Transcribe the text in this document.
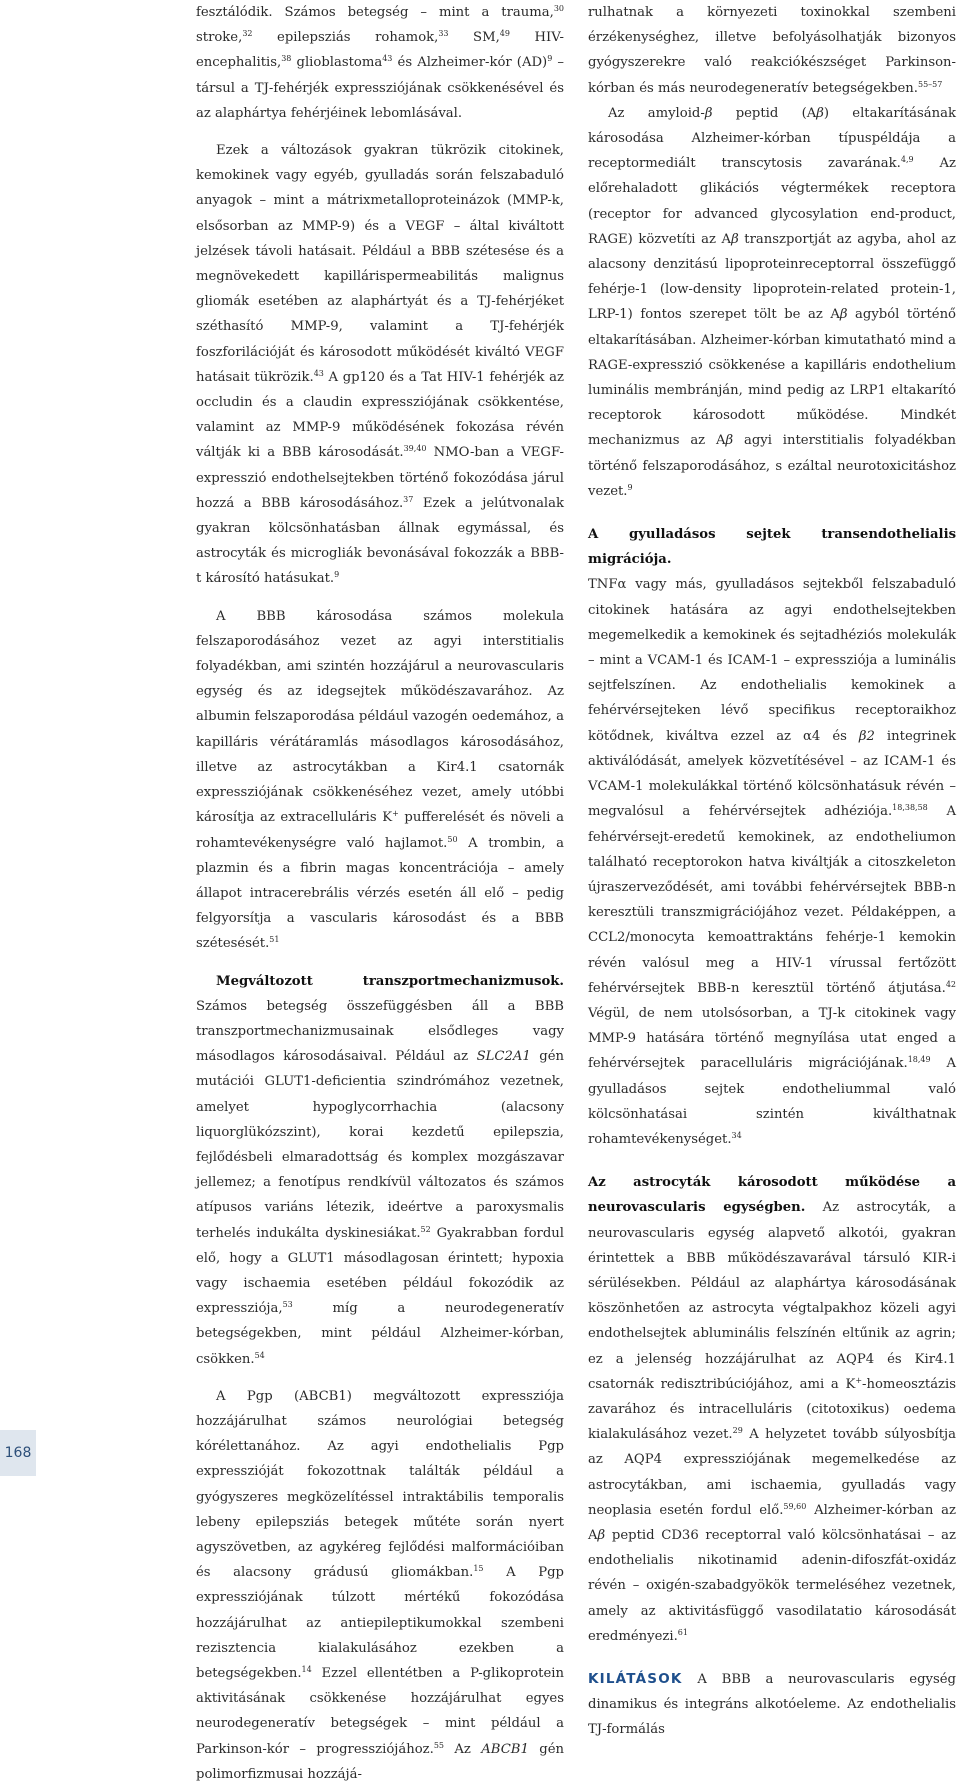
fesztálódik. Számos betegség – mint a trauma,$^{30}$ stroke,$^{32}$ epilepsziás rohamok,$^{33}$ SM,$^{49}$ HIV-encephalitis,$^{38}$ glioblastoma$^{43}$ és Alzheimer-kór (AD)$^9$ – társul a TJ-fehérjék expressziójának csökkenésével és az alaphártya fehérjéinek lebomlásával.

Ezek a változások gyakran tükrözik citokinek, kemokinek vagy egyéb, gyulladás során felszabaduló anyagok – mint a mátrixmetalloproteinázok (MMP-k, elsősorban az MMP-9) és a VEGF – által kiváltott jelzések távoli hatásait. Például a BBB szétesése és a megnövekedett kapillárispermeabilitás malignus gliomák esetében az alaphártyát és a TJ-fehérjéket széthasító MMP-9, valamint a TJ-fehérjék foszforilációját és károsodott működését kiváltó VEGF hatásait tükrözik.$^{43}$ A gp120 és a Tat HIV-1 fehérjék az occludin és a claudin expressziójának csökkentése, valamint az MMP-9 működésének fokozása révén váltják ki a BBB károsodását.$^{39,40}$ NMO-ban a VEGF-expresszió endothelsejtekben történő fokozódása járul hozzá a BBB károsodásához.$^{37}$ Ezek a jelútvonalak gyakran kölcsönhatásban állnak egymással, és astrocyták és microgliák bevonásával fokozzák a BBB-t károsító hatásukat.$^9$

A BBB károsodása számos molekula felszaporodásához vezet az agyi interstitialis folyadékban, ami szintén hozzájárul a neurovascularis egység és az idegsejtek működészavarához. Az albumin felszaporodása például vazogén oedemához, a kapilláris vérátáramlás másodlagos károsodásához, illetve az astrocytákban a Kir4.1 csatornák expressziójának csökkenéséhez vezet, amely utóbbi károsítja az extracelluláris K+ pufferelését és növeli a rohamtevékenységre való hajlamot.$^{50}$ A trombin, a plazmin és a fibrin magas koncentrációja – amely állapot intracerebrális vérzés esetén áll elő – pedig felgyorsítja a vascularis károsodást és a BBB szétesését.$^{51}$

Megváltozott transzportmechanizmusok. Számos betegség összefüggésben áll a BBB transzportmechanizmusainak elsődleges vagy másodlagos károsodásaival. Például az SLC2A1 gén mutációi GLUT1-deficientia szindrómához vezetnek, amelyet hypoglycorrhachia (alacsony liquorglükózszint), korai kezdetű epilepszia, fejlődésbeli elmaradottság és komplex mozgászavar jellemez; a fenotípus rendkívül változatos és számos atípusos variáns létezik, ideértve a paroxysmalis terhelés indukálta dyskinesiákat.$^{52}$ Gyakrabban fordul elő, hogy a GLUT1 másodlagosan érintett; hypoxia vagy ischaemia esetében például fokozódik az expressziója,$^{53}$ míg a neurodegeneratív betegségekben, mint például Alzheimer-kórban, csökken.$^{54}$

A Pgp (ABCB1) megváltozott expressziója hozzájárulhat számos neurológiai betegség kórélettanához. Az agyi endothelialis Pgp expresszióját fokozottnak találták például a gyógyszeres megközelítéssel intraktábilis temporalis lebeny epilepsziás betegek műtéte során nyert agyszövetben, az agykéreg fejlődési malformációiban és alacsony grádusú gliomákban.$^{15}$ A Pgp expressziójának túlzott mértékű fokozódása hozzájárulhat az antiepileptikumokkal szembeni rezisztencia kialakulásához ezekben a betegségekben.$^{14}$ Ezzel ellentétben a P-glikoprotein aktivitásának csökkenése hozzájárulhat egyes neurodegeneratív betegségek – mint például a Parkinson-kór – progressziójához.$^{55}$ Az ABCB1 gén polimorfizmusai hozzájá-

rulhatnak a környezeti toxinokkal szembeni érzékenységhez, illetve befolyásolhatják bizonyos gyógyszerekre való reakciókészséget Parkinson-kórban és más neurodegeneratív betegségekben.$^{55-57}$

Az amyloid-β peptid (Aβ) eltakarításának károsodása Alzheimer-kórban típuspéldája a receptormediált transcytosis zavarának.$^{4,9}$ Az előrehaladott glikációs végtermékek receptora (receptor for advanced glycosylation end-product, RAGE) közvetíti az Aβ transzportját az agyba, ahol az alacsony denzitású lipoproteinreceptorral összefüggő fehérje-1 (low-density lipoprotein-related protein-1, LRP-1) fontos szerepet tölt be az Aβ agyból történő eltakarításában. Alzheimer-kórban kimutatható mind a RAGE-expresszió csökkenése a kapilláris endothelium luminális membránján, mind pedig az LRP1 eltakarító receptorok károsodott működése. Mindkét mechanizmus az Aβ agyi interstitialis folyadékban történő felszaporodásához, s ezáltal neurotoxicitáshoz vezet.$^9$

A gyulladásos sejtek transendothelialis migrációja.

TNFα vagy más, gyulladásos sejtekből felszabaduló citokinek hatására az agyi endothelsejtekben megemelkedik a kemokinek és sejtadhéziós molekulák – mint a VCAM-1 és ICAM-1 – expressziója a luminális sejtfelszínen. Az endothelialis kemokinek a fehérvérsejteken lévő specifikus receptoraikhoz kötődnek, kiváltva ezzel az α4 és β2 integrinek aktiválódását, amelyek közvetítésével – az ICAM-1 és VCAM-1 molekulákkal történő kölcsönhatásuk révén – megvalósul a fehérvérsejtek adhéziója.$^{18,38,58}$ A fehérvérsejt-eredetű kemokinek, az endotheliumon található receptorokon hatva kiváltják a citoszkeleton újraszerveződését, ami további fehérvérsejtek BBB-n keresztüli transzmigrációjához vezet. Példaképpen, a CCL2/monocyta kemoattraktáns fehérje-1 kemokin révén valósul meg a HIV-1 vírussal fertőzött fehérvérsejtek BBB-n keresztül történő átjutása.$^{42}$ Végül, de nem utolsósorban, a TJ-k citokinek vagy MMP-9 hatására történő megnyílása utat enged a fehérvérsejtek paracelluláris migrációjának.$^{18,49}$ A gyulladásos sejtek endotheliummal való kölcsönhatásai szintén kiválthatnak rohamtevékenységet.$^{34}$

Az astrocyták károsodott működése a neurovascularis egységben. Az astrocyták, a neurovascularis egység alapvető alkotói, gyakran érintettek a BBB működészavarával társuló KIR-i sérülésekben. Például az alaphártya károsodásának köszönhetően az astrocyta végtalpakhoz közeli agyi endothelsejtek abluminális felszínén eltűnik az agrin; ez a jelenség hozzájárulhat az AQP4 és Kir4.1 csatornák redisztribúciójához, ami a K+-homeosztázis zavarához és intracelluláris (citotoxikus) oedema kialakulásához vezet.$^{29}$ A helyzetet tovább súlyosbítja az AQP4 expressziójának megemelkedése az astrocytákban, ami ischaemia, gyulladás vagy neoplasia esetén fordul elő.$^{59,60}$ Alzheimer-kórban az Aβ peptid CD36 receptorral való kölcsönhatásai – az endothelialis nikotinamid adenin-difoszfát-oxidáz révén – oxigén-szabadgyökök termeléséhez vezetnek, amely az aktivitásfüggő vasodilatatio károsodását eredményezi.$^{61}$

KILÁTÁSOK A BBB a neurovascularis egység dinamikus és integráns alkotóeleme. Az endothelialis TJ-formálás

168
